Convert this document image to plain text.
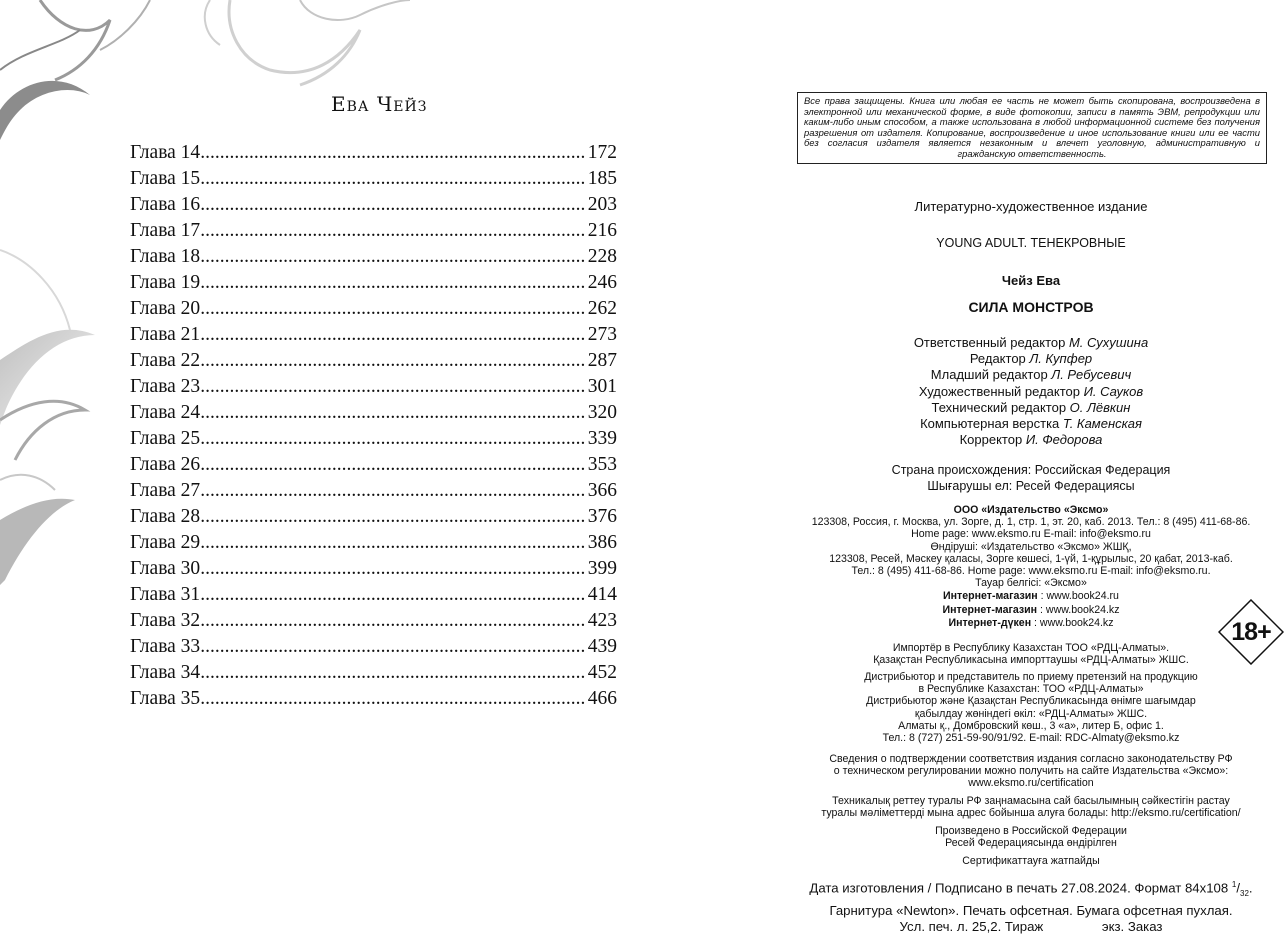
Ева Чейз
Глава 14 .....	172
Глава 15 .....	185
Глава 16 .....	203
Глава 17 .....	216
Глава 18 .....	228
Глава 19 .....	246
Глава 20 .....	262
Глава 21 .....	273
Глава 22 .....	287
Глава 23 .....	301
Глава 24 .....	320
Глава 25 .....	339
Глава 26 .....	353
Глава 27 .....	366
Глава 28 .....	376
Глава 29 .....	386
Глава 30 .....	399
Глава 31 .....	414
Глава 32 .....	423
Глава 33 .....	439
Глава 34 .....	452
Глава 35 .....	466
Все права защищены. Книга или любая ее часть не может быть скопирована, воспроизведена в электронной или механической форме, в виде фотокопии, записи в память ЭВМ, репродукции или каким-либо иным способом, а также использована в любой информационной системе без получения разрешения от издателя. Копирование, воспроизведение и иное использование книги или ее части без согласия издателя является незаконным и влечет уголовную, административную и гражданскую ответственность.
Литературно-художественное издание
YOUNG ADULT. ТЕНЕКРОВНЫЕ
Чейз Ева
СИЛА МОНСТРОВ
Ответственный редактор М. Сухушина
Редактор Л. Купфер
Младший редактор Л. Ребусевич
Художественный редактор И. Сауков
Технический редактор О. Лёвкин
Компьютерная верстка Т. Каменская
Корректор И. Федорова
Страна происхождения: Российская Федерация
Шығарушы ел: Ресей Федерациясы
ООО «Издательство «Эксмо»
123308, Россия, г. Москва, ул. Зорге, д. 1, стр. 1, эт. 20, каб. 2013. Тел.: 8 (495) 411-68-86.
Home page: www.eksmo.ru E-mail: info@eksmo.ru
Өндіруші: «Издательство «Эксмо» ЖШҚ,
123308, Ресей, Мәскеу қаласы, Зорге көшесі, 1-үй, 1-құрылыс, 20 қабат, 2013-каб.
Тел.: 8 (495) 411-68-86. Home page: www.eksmo.ru E-mail: info@eksmo.ru.
Тауар белгісі: «Эксмо»
Интернет-магазин : www.book24.ru
Интернет-магазин : www.book24.kz
Интернет-дүкен : www.book24.kz	18+
Импортёр в Республику Казахстан ТОО «РДЦ-Алматы».
Қазақстан Республикасына импорттаушы «РДЦ-Алматы» ЖШС.
Дистрибьютор и представитель по приему претензий на продукцию
в Республике Казахстан: ТОО «РДЦ-Алматы»
Дистрибьютор және Қазақстан Республикасында өнімге шағымдар
қабылдау жөніндегі өкіл: «РДЦ-Алматы» ЖШС.
Алматы қ., Домбровский көш., 3 «а», литер Б, офис 1.
Тел.: 8 (727) 251-59-90/91/92. E-mail: RDC-Almaty@eksmo.kz
Сведения о подтверждении соответствия издания согласно законодательству РФ
о техническом регулировании можно получить на сайте Издательства «Эксмо»:
www.eksmo.ru/certification
Техникалық реттеу туралы РФ заңнамасына сай басылымның сәйкестігін растау
туралы мәліметтерді мына адрес бойынша алуға болады: http://eksmo.ru/certification/
Произведено в Российской Федерации
Ресей Федерациясында өндірілген
Сертификаттауға жатпайды
Дата изготовления / Подписано в печать 27.08.2024. Формат 84х108 $^1/_{32}$.
Гарнитура «Newton». Печать офсетная. Бумага офсетная пухлая.
Усл. печ. л. 25,2. Тираж                экз. Заказ
